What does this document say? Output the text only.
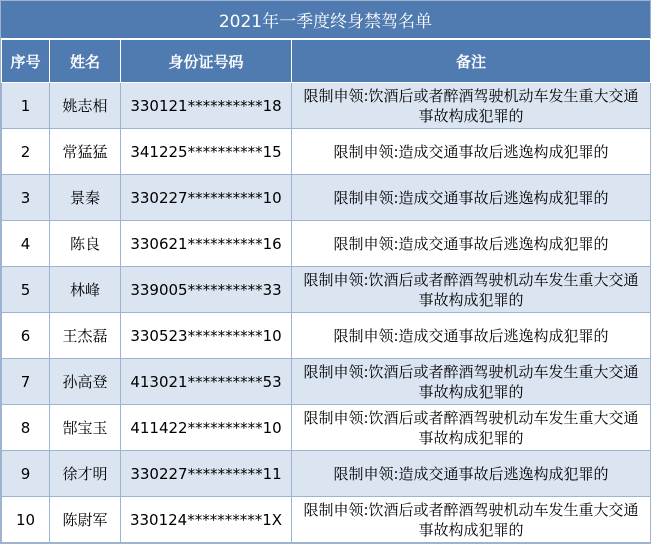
2021年一季度终身禁驾名单
序号	姓名	身份证号码	备注
1	姚志相	330121**********18	限制申领:饮酒后或者醉酒驾驶机动车发生重大交通事故构成犯罪的
2	常猛猛	341225**********15	限制申领:造成交通事故后逃逸构成犯罪的
3	景秦	330227**********10	限制申领:造成交通事故后逃逸构成犯罪的
4	陈良	330621**********16	限制申领:造成交通事故后逃逸构成犯罪的
5	林峰	339005**********33	限制申领:饮酒后或者醉酒驾驶机动车发生重大交通事故构成犯罪的
6	王杰磊	330523**********10	限制申领:造成交通事故后逃逸构成犯罪的
7	孙高登	413021**********53	限制申领:饮酒后或者醉酒驾驶机动车发生重大交通事故构成犯罪的
8	郜宝玉	411422**********10	限制申领:饮酒后或者醉酒驾驶机动车发生重大交通事故构成犯罪的
9	徐才明	330227**********11	限制申领:造成交通事故后逃逸构成犯罪的
10	陈尉军	330124**********1X	限制申领:饮酒后或者醉酒驾驶机动车发生重大交通事故构成犯罪的
